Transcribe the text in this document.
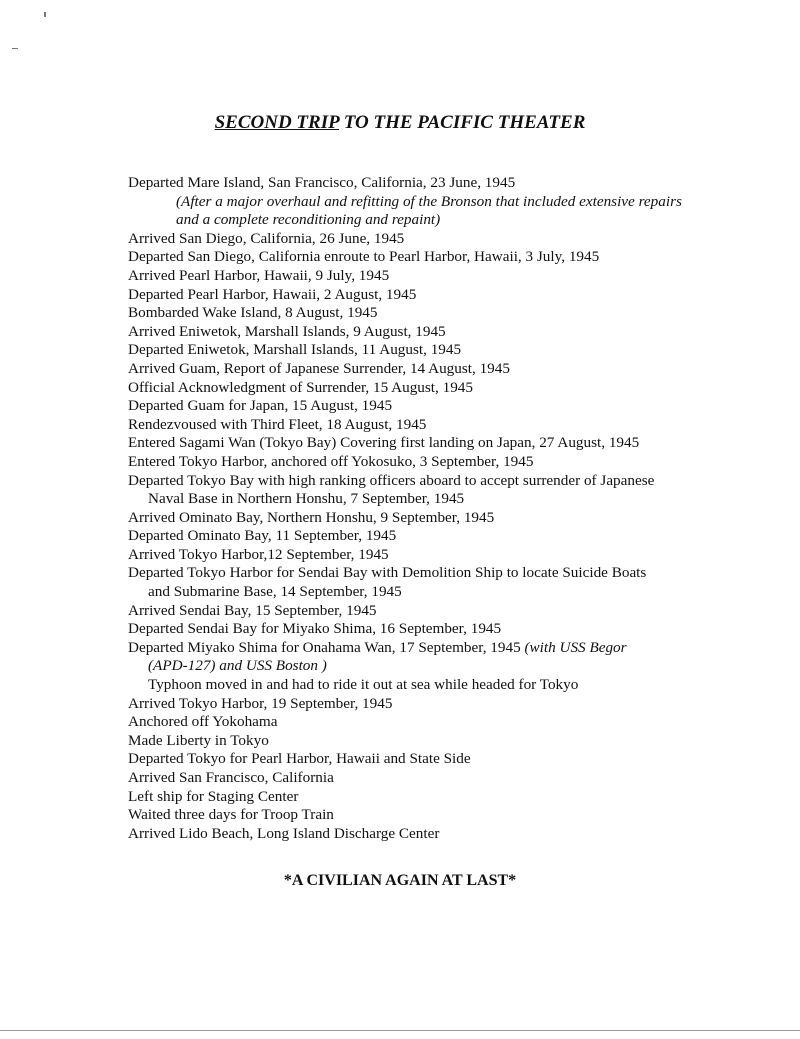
SECOND TRIP TO THE PACIFIC THEATER
Departed Mare Island, San Francisco, California, 23 June, 1945
(After a major overhaul and refitting of the Bronson that included extensive repairs
and a complete reconditioning and repaint)
Arrived San Diego, California, 26 June, 1945
Departed San Diego, California enroute to Pearl Harbor, Hawaii, 3 July, 1945
Arrived Pearl Harbor, Hawaii, 9 July, 1945
Departed Pearl Harbor, Hawaii, 2 August, 1945
Bombarded Wake Island, 8 August, 1945
Arrived Eniwetok, Marshall Islands, 9 August, 1945
Departed Eniwetok, Marshall Islands, 11 August, 1945
Arrived Guam, Report of Japanese Surrender, 14 August, 1945
Official Acknowledgment of Surrender, 15 August, 1945
Departed Guam for Japan, 15 August, 1945
Rendezvoused with Third Fleet, 18 August, 1945
Entered Sagami Wan (Tokyo Bay) Covering first landing on Japan, 27 August, 1945
Entered Tokyo Harbor, anchored off Yokosuko, 3 September, 1945
Departed Tokyo Bay with high ranking officers aboard to accept surrender of Japanese
Naval Base in Northern Honshu, 7 September, 1945
Arrived Ominato Bay, Northern Honshu, 9 September, 1945
Departed Ominato Bay, 11 September, 1945
Arrived Tokyo Harbor,12 September, 1945
Departed Tokyo Harbor for Sendai Bay with Demolition Ship to locate Suicide Boats
and Submarine Base, 14 September, 1945
Arrived Sendai Bay, 15 September, 1945
Departed Sendai Bay for Miyako Shima, 16 September, 1945
Departed Miyako Shima for Onahama Wan, 17 September, 1945 (with USS Begor
(APD-127) and USS Boston )
Typhoon moved in and had to ride it out at sea while headed for Tokyo
Arrived Tokyo Harbor, 19 September, 1945
Anchored off Yokohama
Made Liberty in Tokyo
Departed Tokyo for Pearl Harbor, Hawaii and State Side
Arrived San Francisco, California
Left ship for Staging Center
Waited three days for Troop Train
Arrived Lido Beach, Long Island Discharge Center
*A CIVILIAN AGAIN AT LAST*
